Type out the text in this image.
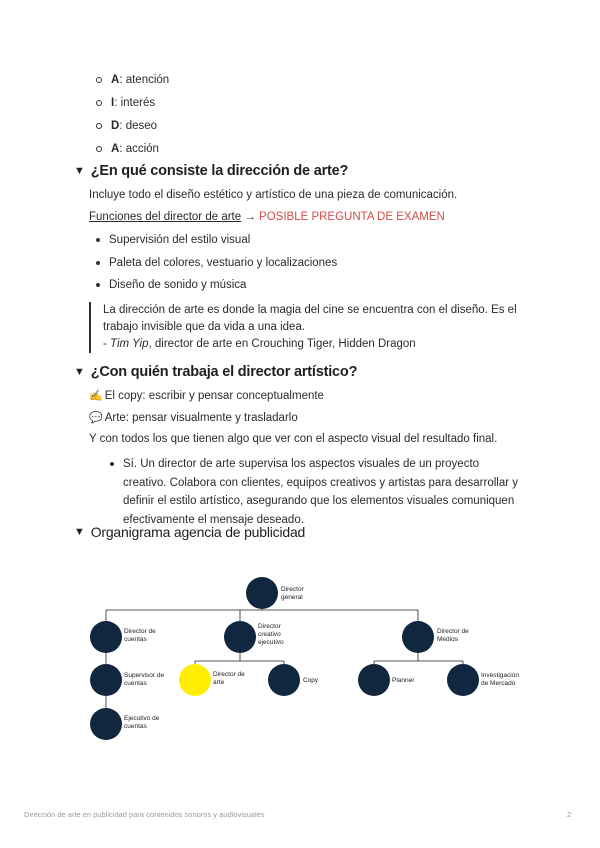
A : atención
I : interés
D : deseo
A : acción
▼ ¿En qué consiste la dirección de arte?
Incluye todo el diseño estético y artístico de una pieza de comunicación.
Funciones del director de arte → POSIBLE PREGUNTA DE EXAMEN
Supervisión del estilo visual
Paleta del colores, vestuario y localizaciones
Diseño de sonido y música
La dirección de arte es donde la magia del cine se encuentra con el diseño. Es el
trabajo invisible que da vida a una idea.
- Tim Yip, director de arte en Crouching Tiger, Hidden Dragon
▼ ¿Con quién trabaja el director artístico?
✍️ El copy: escribir y pensar conceptualmente
💬 Arte: pensar visualmente y trasladarlo
Y con todos los que tienen algo que ver con el aspecto visual del resultado final.
Sí. Un director de arte supervisa los aspectos visuales de un proyecto
creativo. Colabora con clientes, equipos creativos y artistas para desarrollar y
definir el estilo artístico, asegurando que los elementos visuales comuniquen
efectivamente el mensaje deseado.
▼ Organigrama agencia de publicidad
Director
general
Director de
cuentas
Director
creativo
ejecutivo
Director de
Medios
Supervisor de
cuentas
Ejecutivo de
cuentas
Director de
arte	Copy	Planner
Investigación
de Mercado
Dirección de arte en publicidad para contenidos sonoros y audiovisuales	2
